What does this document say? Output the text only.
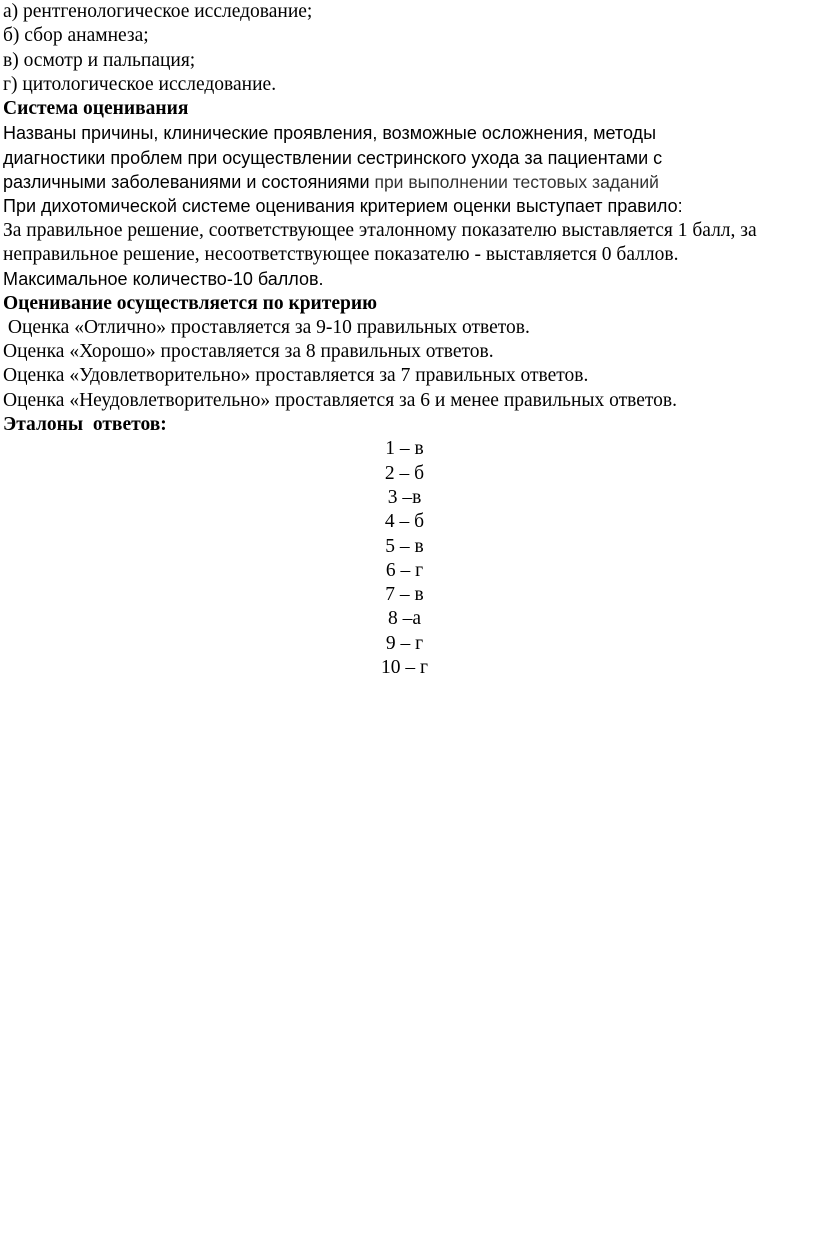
а) рентгенологическое исследование;

б) сбор анамнеза;

в) осмотр и пальпация;

г) цитологическое исследование.

Система оценивания

Названы причины, клинические проявления, возможные осложнения, методы

диагностики проблем при осуществлении сестринского ухода за пациентами с

различными заболеваниями и состояниями при выполнении тестовых заданий

При дихотомической системе оценивания критерием оценки выступает правило:

За правильное решение, соответствующее эталонному показателю выставляется 1 балл, за

неправильное решение, несоответствующее показателю - выставляется 0 баллов.

Максимальное количество-10 баллов.

Оценивание осуществляется по критерию

Оценка «Отлично» проставляется за 9-10 правильных ответов.

Оценка «Хорошо» проставляется за 8 правильных ответов.

Оценка «Удовлетворительно» проставляется за 7 правильных ответов.

Оценка «Неудовлетворительно» проставляется за 6 и менее правильных ответов.

Эталоны  ответов:

1 – в

2 – б

3 –в

4 – б

5 – в

6 – г

7 – в

8 –а

9 – г

10 – г
